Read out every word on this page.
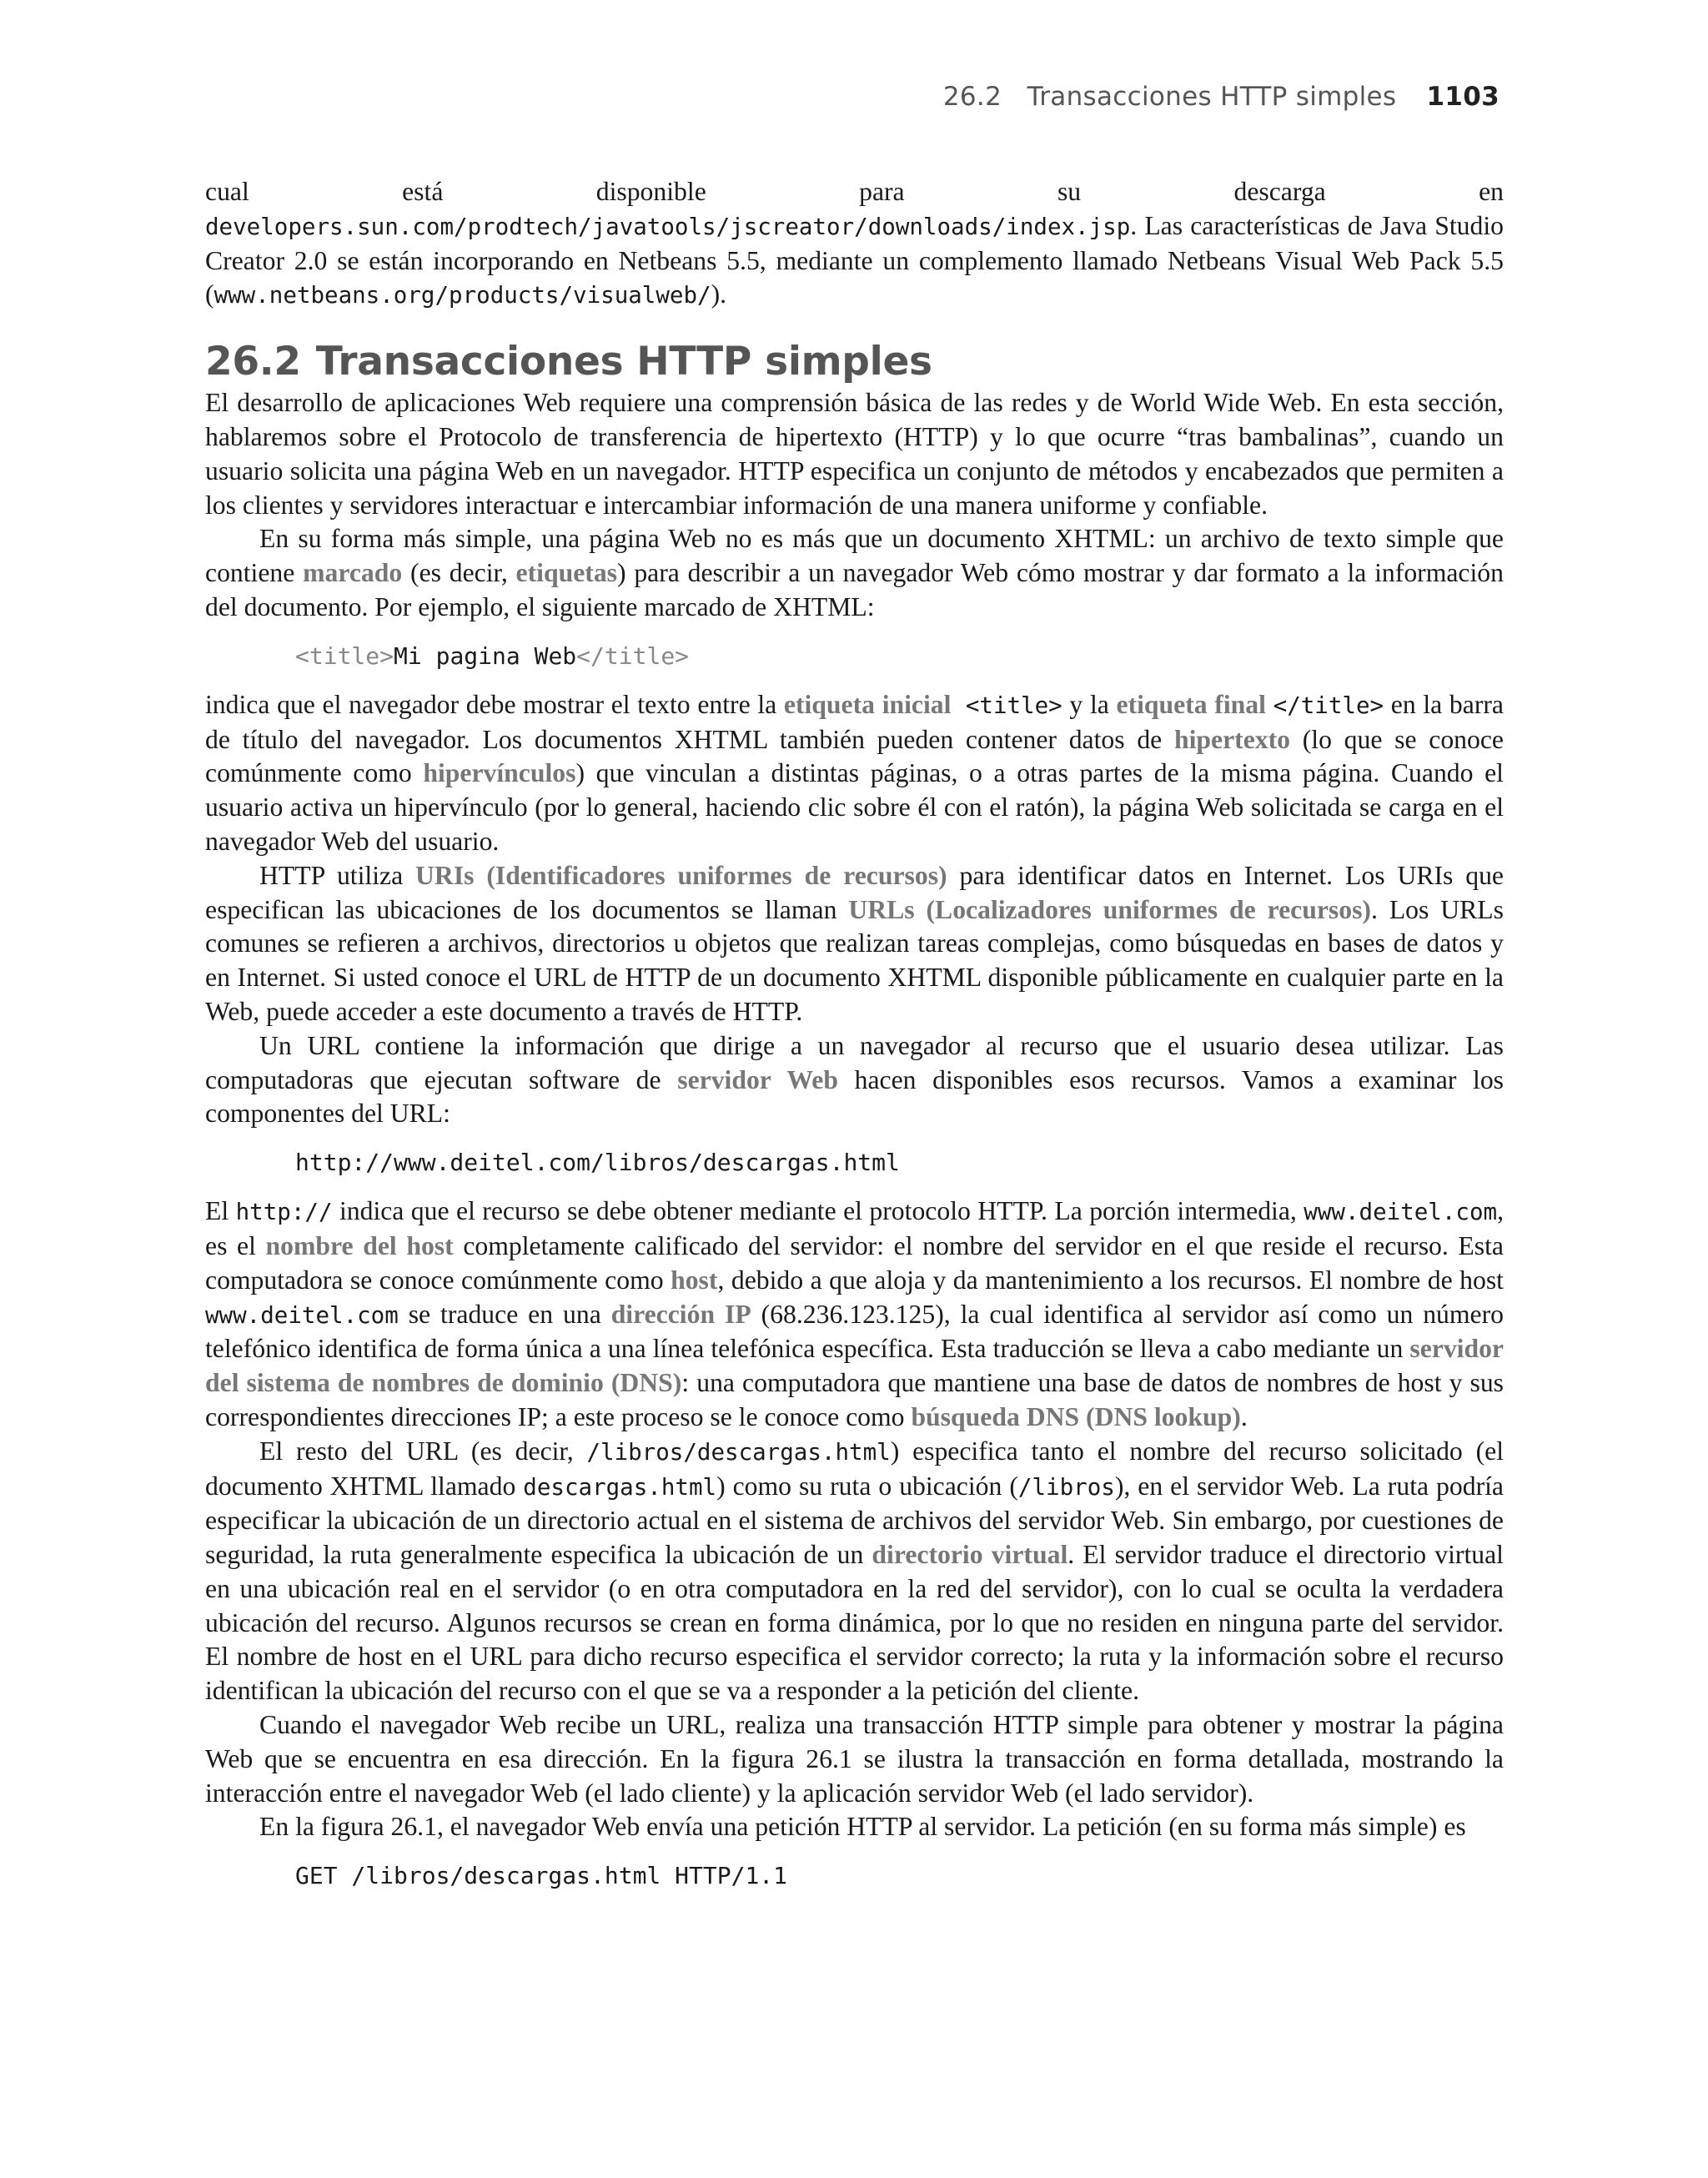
26.2 Transacciones HTTP simples 1103

cual está disponible para su descarga en developers.sun.com/prodtech/javatools/jscreator/downloads/index.jsp. Las características de Java Studio Creator 2.0 se están incorporando en Netbeans 5.5, mediante un complemento llamado Netbeans Visual Web Pack 5.5 (www.netbeans.org/products/visualweb/).

26.2 Transacciones HTTP simples

El desarrollo de aplicaciones Web requiere una comprensión básica de las redes y de World Wide Web. En esta sección, hablaremos sobre el Protocolo de transferencia de hipertexto (HTTP) y lo que ocurre “tras bambalinas”, cuando un usuario solicita una página Web en un navegador. HTTP especifica un conjunto de métodos y encabezados que permiten a los clientes y servidores interactuar e intercambiar información de una manera uniforme y confiable.

En su forma más simple, una página Web no es más que un documento XHTML: un archivo de texto simple que contiene marcado (es decir, etiquetas) para describir a un navegador Web cómo mostrar y dar formato a la información del documento. Por ejemplo, el siguiente marcado de XHTML:

<title>Mi pagina Web</title>

indica que el navegador debe mostrar el texto entre la etiqueta inicial <title> y la etiqueta final </title> en la barra de título del navegador. Los documentos XHTML también pueden contener datos de hipertexto (lo que se conoce comúnmente como hipervínculos) que vinculan a distintas páginas, o a otras partes de la misma página. Cuando el usuario activa un hipervínculo (por lo general, haciendo clic sobre él con el ratón), la página Web solicitada se carga en el navegador Web del usuario.

HTTP utiliza URIs (Identificadores uniformes de recursos) para identificar datos en Internet. Los URIs que especifican las ubicaciones de los documentos se llaman URLs (Localizadores uniformes de recursos). Los URLs comunes se refieren a archivos, directorios u objetos que realizan tareas complejas, como búsquedas en bases de datos y en Internet. Si usted conoce el URL de HTTP de un documento XHTML disponible públicamente en cualquier parte en la Web, puede acceder a este documento a través de HTTP.

Un URL contiene la información que dirige a un navegador al recurso que el usuario desea utilizar. Las computadoras que ejecutan software de servidor Web hacen disponibles esos recursos. Vamos a examinar los componentes del URL:

http://www.deitel.com/libros/descargas.html

El http:// indica que el recurso se debe obtener mediante el protocolo HTTP. La porción intermedia, www.deitel.com, es el nombre del host completamente calificado del servidor: el nombre del servidor en el que reside el recurso. Esta computadora se conoce comúnmente como host, debido a que aloja y da mantenimiento a los recursos. El nombre de host www.deitel.com se traduce en una dirección IP (68.236.123.125), la cual identifica al servidor así como un número telefónico identifica de forma única a una línea telefónica específica. Esta traducción se lleva a cabo mediante un servidor del sistema de nombres de dominio (DNS): una computadora que mantiene una base de datos de nombres de host y sus correspondientes direcciones IP; a este proceso se le conoce como búsqueda DNS (DNS lookup).

El resto del URL (es decir, /libros/descargas.html) especifica tanto el nombre del recurso solicitado (el documento XHTML llamado descargas.html) como su ruta o ubicación (/libros), en el servidor Web. La ruta podría especificar la ubicación de un directorio actual en el sistema de archivos del servidor Web. Sin embargo, por cuestiones de seguridad, la ruta generalmente especifica la ubicación de un directorio virtual. El servidor traduce el directorio virtual en una ubicación real en el servidor (o en otra computadora en la red del servidor), con lo cual se oculta la verdadera ubicación del recurso. Algunos recursos se crean en forma dinámica, por lo que no residen en ninguna parte del servidor. El nombre de host en el URL para dicho recurso especifica el servidor correcto; la ruta y la información sobre el recurso identifican la ubicación del recurso con el que se va a responder a la petición del cliente.

Cuando el navegador Web recibe un URL, realiza una transacción HTTP simple para obtener y mostrar la página Web que se encuentra en esa dirección. En la figura 26.1 se ilustra la transacción en forma detallada, mostrando la interacción entre el navegador Web (el lado cliente) y la aplicación servidor Web (el lado servidor).

En la figura 26.1, el navegador Web envía una petición HTTP al servidor. La petición (en su forma más simple) es

GET /libros/descargas.html HTTP/1.1
